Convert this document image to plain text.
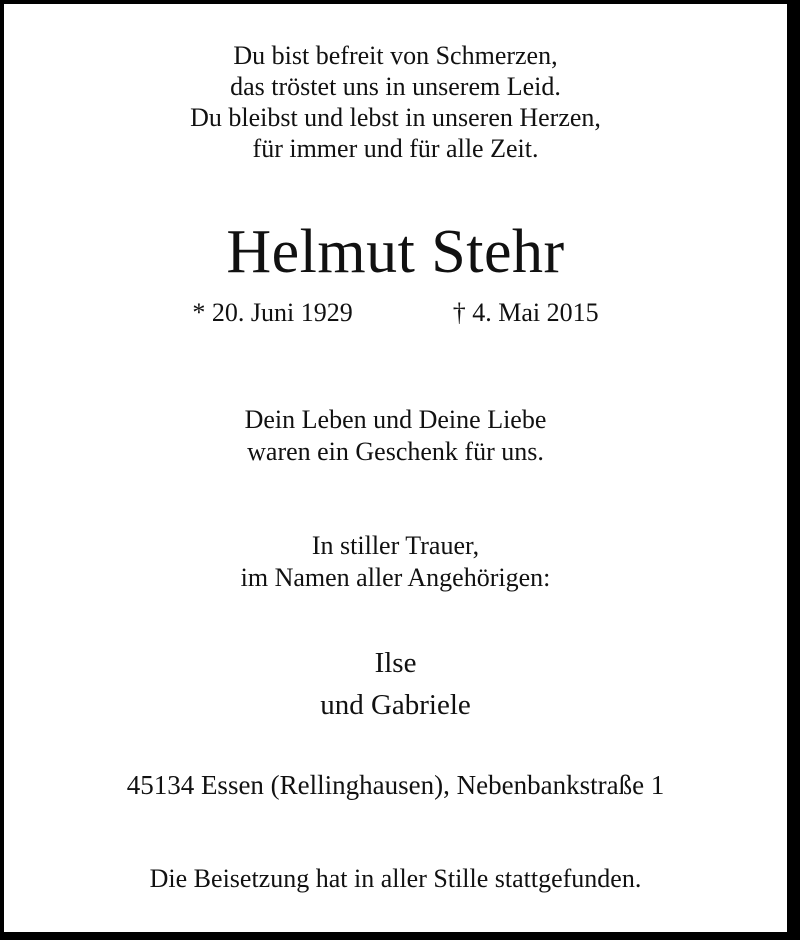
Du bist befreit von Schmerzen,
das tröstet uns in unserem Leid.
Du bleibst und lebst in unseren Herzen,
für immer und für alle Zeit.
Helmut Stehr
* 20. Juni 1929	† 4. Mai 2015
Dein Leben und Deine Liebe
waren ein Geschenk für uns.
In stiller Trauer,
im Namen aller Angehörigen:
Ilse
und Gabriele
45134 Essen (Rellinghausen), Nebenbankstraße 1
Die Beisetzung hat in aller Stille stattgefunden.
